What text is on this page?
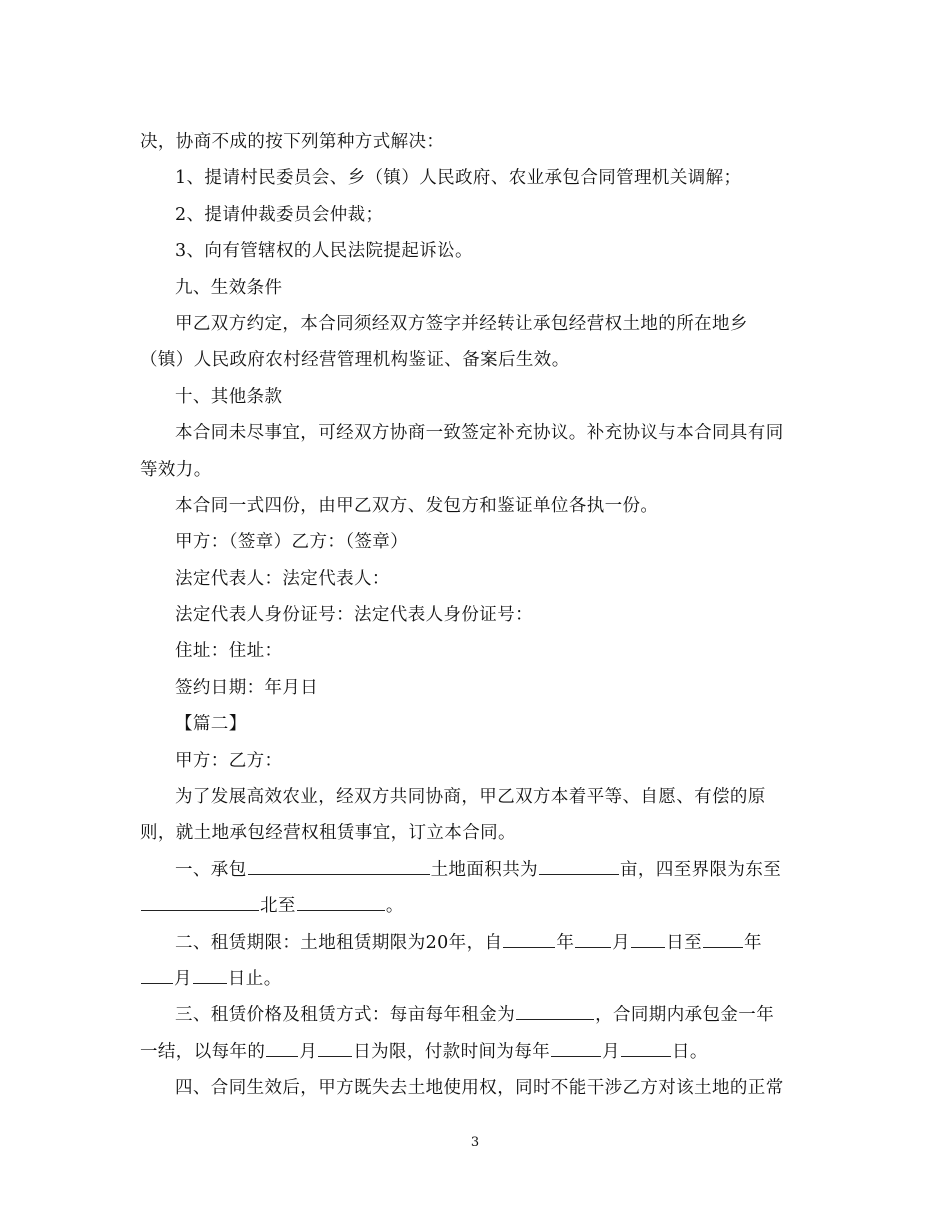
决，协商不成的按下列第种方式解决：
1、提请村民委员会、乡（镇）人民政府、农业承包合同管理机关调解；
2、提请仲裁委员会仲裁；
3、向有管辖权的人民法院提起诉讼。
九、生效条件
甲乙双方约定，本合同须经双方签字并经转让承包经营权土地的所在地乡
（镇）人民政府农村经营管理机构鉴证、备案后生效。
十、其他条款
本合同未尽事宜，可经双方协商一致签定补充协议。补充协议与本合同具有同
等效力。
本合同一式四份，由甲乙双方、发包方和鉴证单位各执一份。
甲方：（签章）乙方：（签章）
法定代表人：法定代表人：
法定代表人身份证号：法定代表人身份证号：
住址：住址：
签约日期：年月日
【篇二】
甲方：乙方：
为了发展高效农业，经双方共同协商，甲乙双方本着平等、自愿、有偿的原
则，就土地承包经营权租赁事宜，订立本合同。
一、承包	土地面积共为	亩，四至界限为东至
北至	。
二、租赁期限：土地租赁期限为20年，自	年 月 日至 年
月 日止。
三、租赁价格及租赁方式：每亩每年租金为	，合同期内承包金一年
一结，以每年的 月 日为限，付款时间为每年	月	日。
四、合同生效后，甲方既失去土地使用权，同时不能干涉乙方对该土地的正常
3
